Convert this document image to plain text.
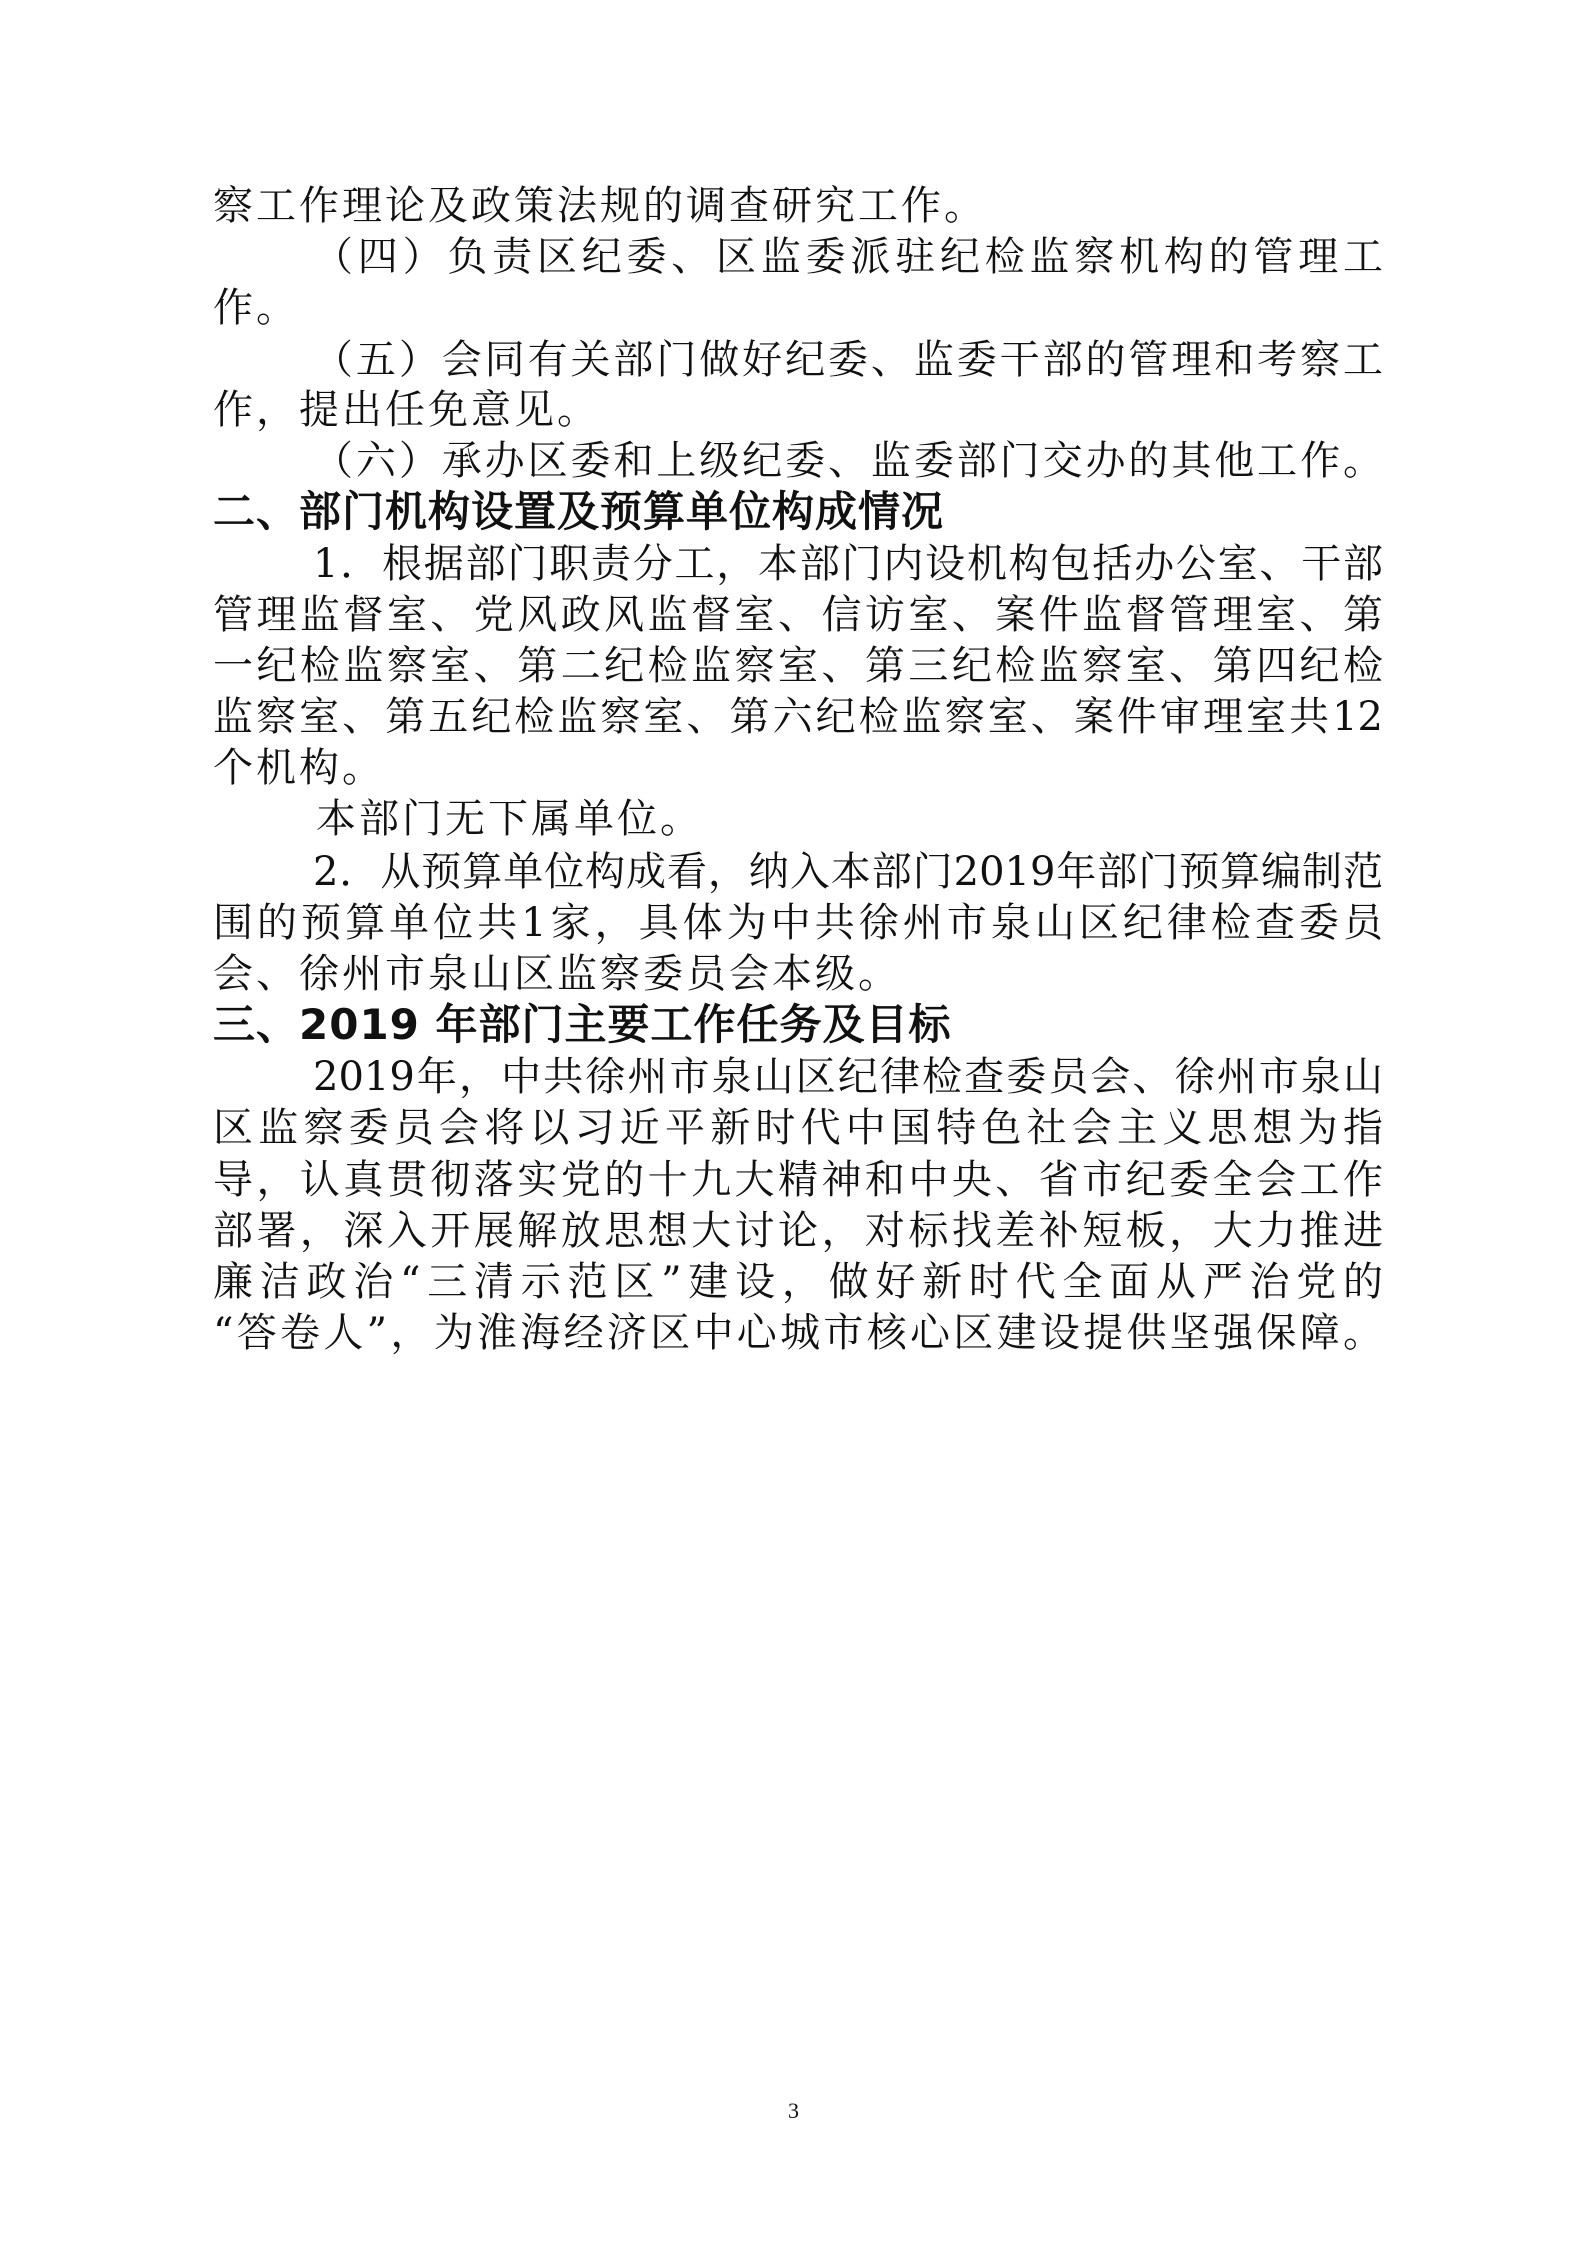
察工作理论及政策法规的调查研究工作。
（四）负责区纪委、区监委派驻纪检监察机构的管理工
作。
（五）会同有关部门做好纪委、监委干部的管理和考察工
作，提出任免意见。
（六）承办区委和上级纪委、监委部门交办的其他工作。
二、部门机构设置及预算单位构成情况
1．根据部门职责分工，本部门内设机构包括办公室、干部
管理监督室、党风政风监督室、信访室、案件监督管理室、第
一纪检监察室、第二纪检监察室、第三纪检监察室、第四纪检
监察室、第五纪检监察室、第六纪检监察室、案件审理室共12
个机构。
本部门无下属单位。
2．从预算单位构成看，纳入本部门2019年部门预算编制范
围的预算单位共1家，具体为中共徐州市泉山区纪律检查委员
会、徐州市泉山区监察委员会本级。
三、2019 年部门主要工作任务及目标
2019年，中共徐州市泉山区纪律检查委员会、徐州市泉山
区监察委员会将以习近平新时代中国特色社会主义思想为指
导，认真贯彻落实党的十九大精神和中央、省市纪委全会工作
部署，深入开展解放思想大讨论，对标找差补短板，大力推进
廉洁政治“三清示范区”建设，做好新时代全面从严治党的
“答卷人”，为淮海经济区中心城市核心区建设提供坚强保障。
3
